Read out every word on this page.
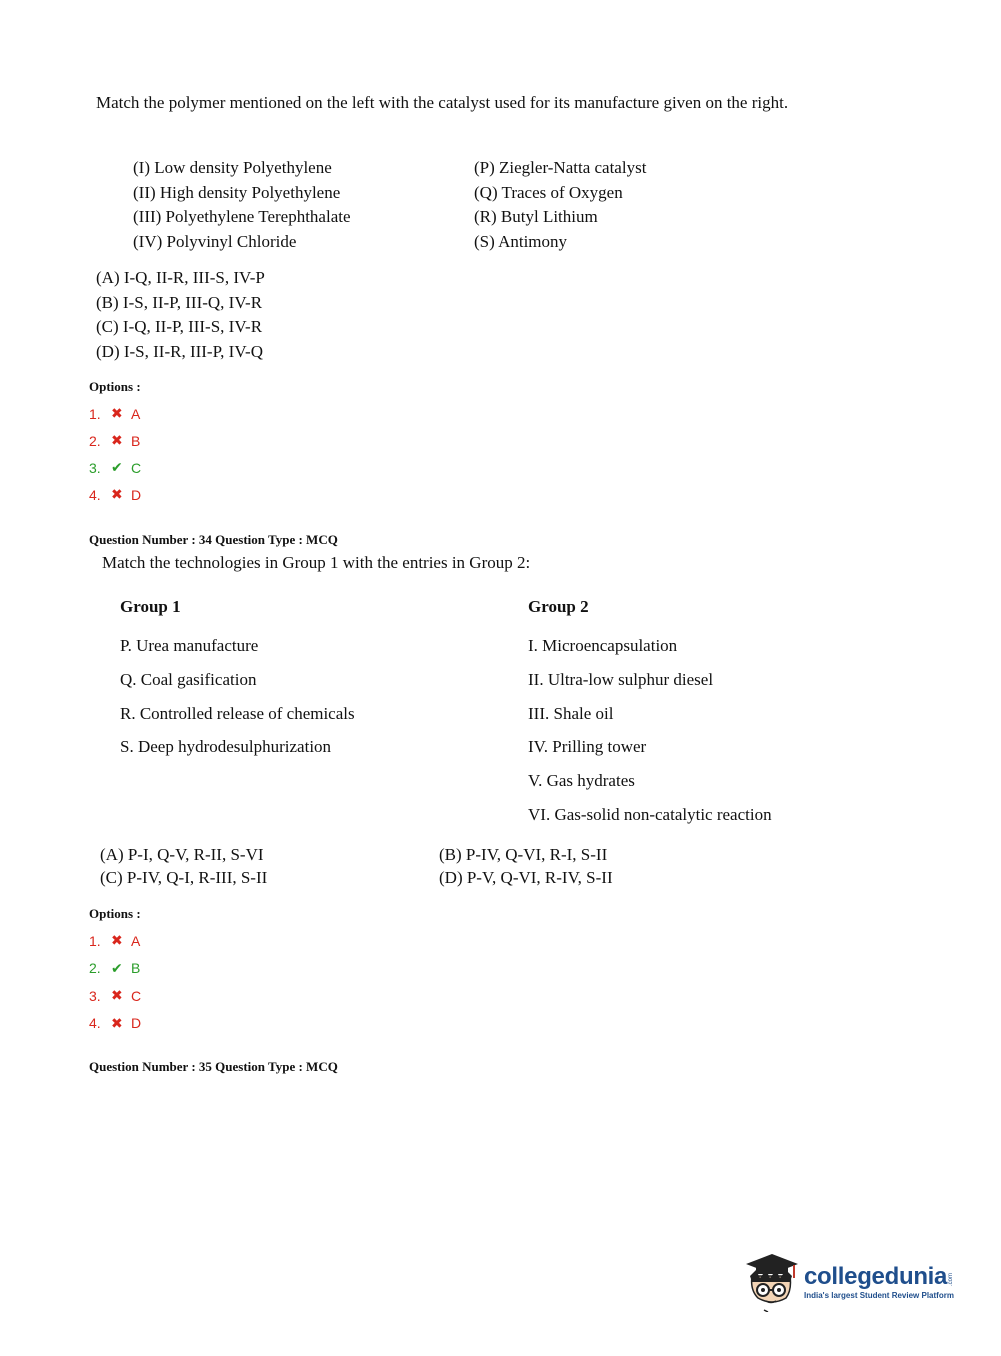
Match the polymer mentioned on the left with the catalyst used for its manufacture given on the right.
(I) Low density Polyethylene
(II) High density Polyethylene
(III) Polyethylene Terephthalate
(IV) Polyvinyl Chloride
(P) Ziegler-Natta catalyst
(Q) Traces of Oxygen
(R) Butyl Lithium
(S) Antimony
(A) I-Q, II-R, III-S, IV-P
(B) I-S, II-P, III-Q, IV-R
(C) I-Q, II-P, III-S, IV-R
(D) I-S, II-R, III-P, IV-Q
Options :
1. ✖ A
2. ✖ B
3. ✔ C
4. ✖ D
Question Number : 34 Question Type : MCQ
Match the technologies in Group 1 with the entries in Group 2:
Group 1	Group 2
P. Urea manufacture
Q. Coal gasification
R. Controlled release of chemicals
S. Deep hydrodesulphurization
I. Microencapsulation
II. Ultra-low sulphur diesel
III. Shale oil
IV. Prilling tower
V. Gas hydrates
VI. Gas-solid non-catalytic reaction
(A) P-I, Q-V, R-II, S-VI
(C) P-IV, Q-I, R-III, S-II
(B) P-IV, Q-VI, R-I, S-II
(D) P-V, Q-VI, R-IV, S-II
Options :
1. ✖ A
2. ✔ B
3. ✖ C
4. ✖ D
Question Number : 35 Question Type : MCQ
collegedunia .com
India's largest Student Review Platform
